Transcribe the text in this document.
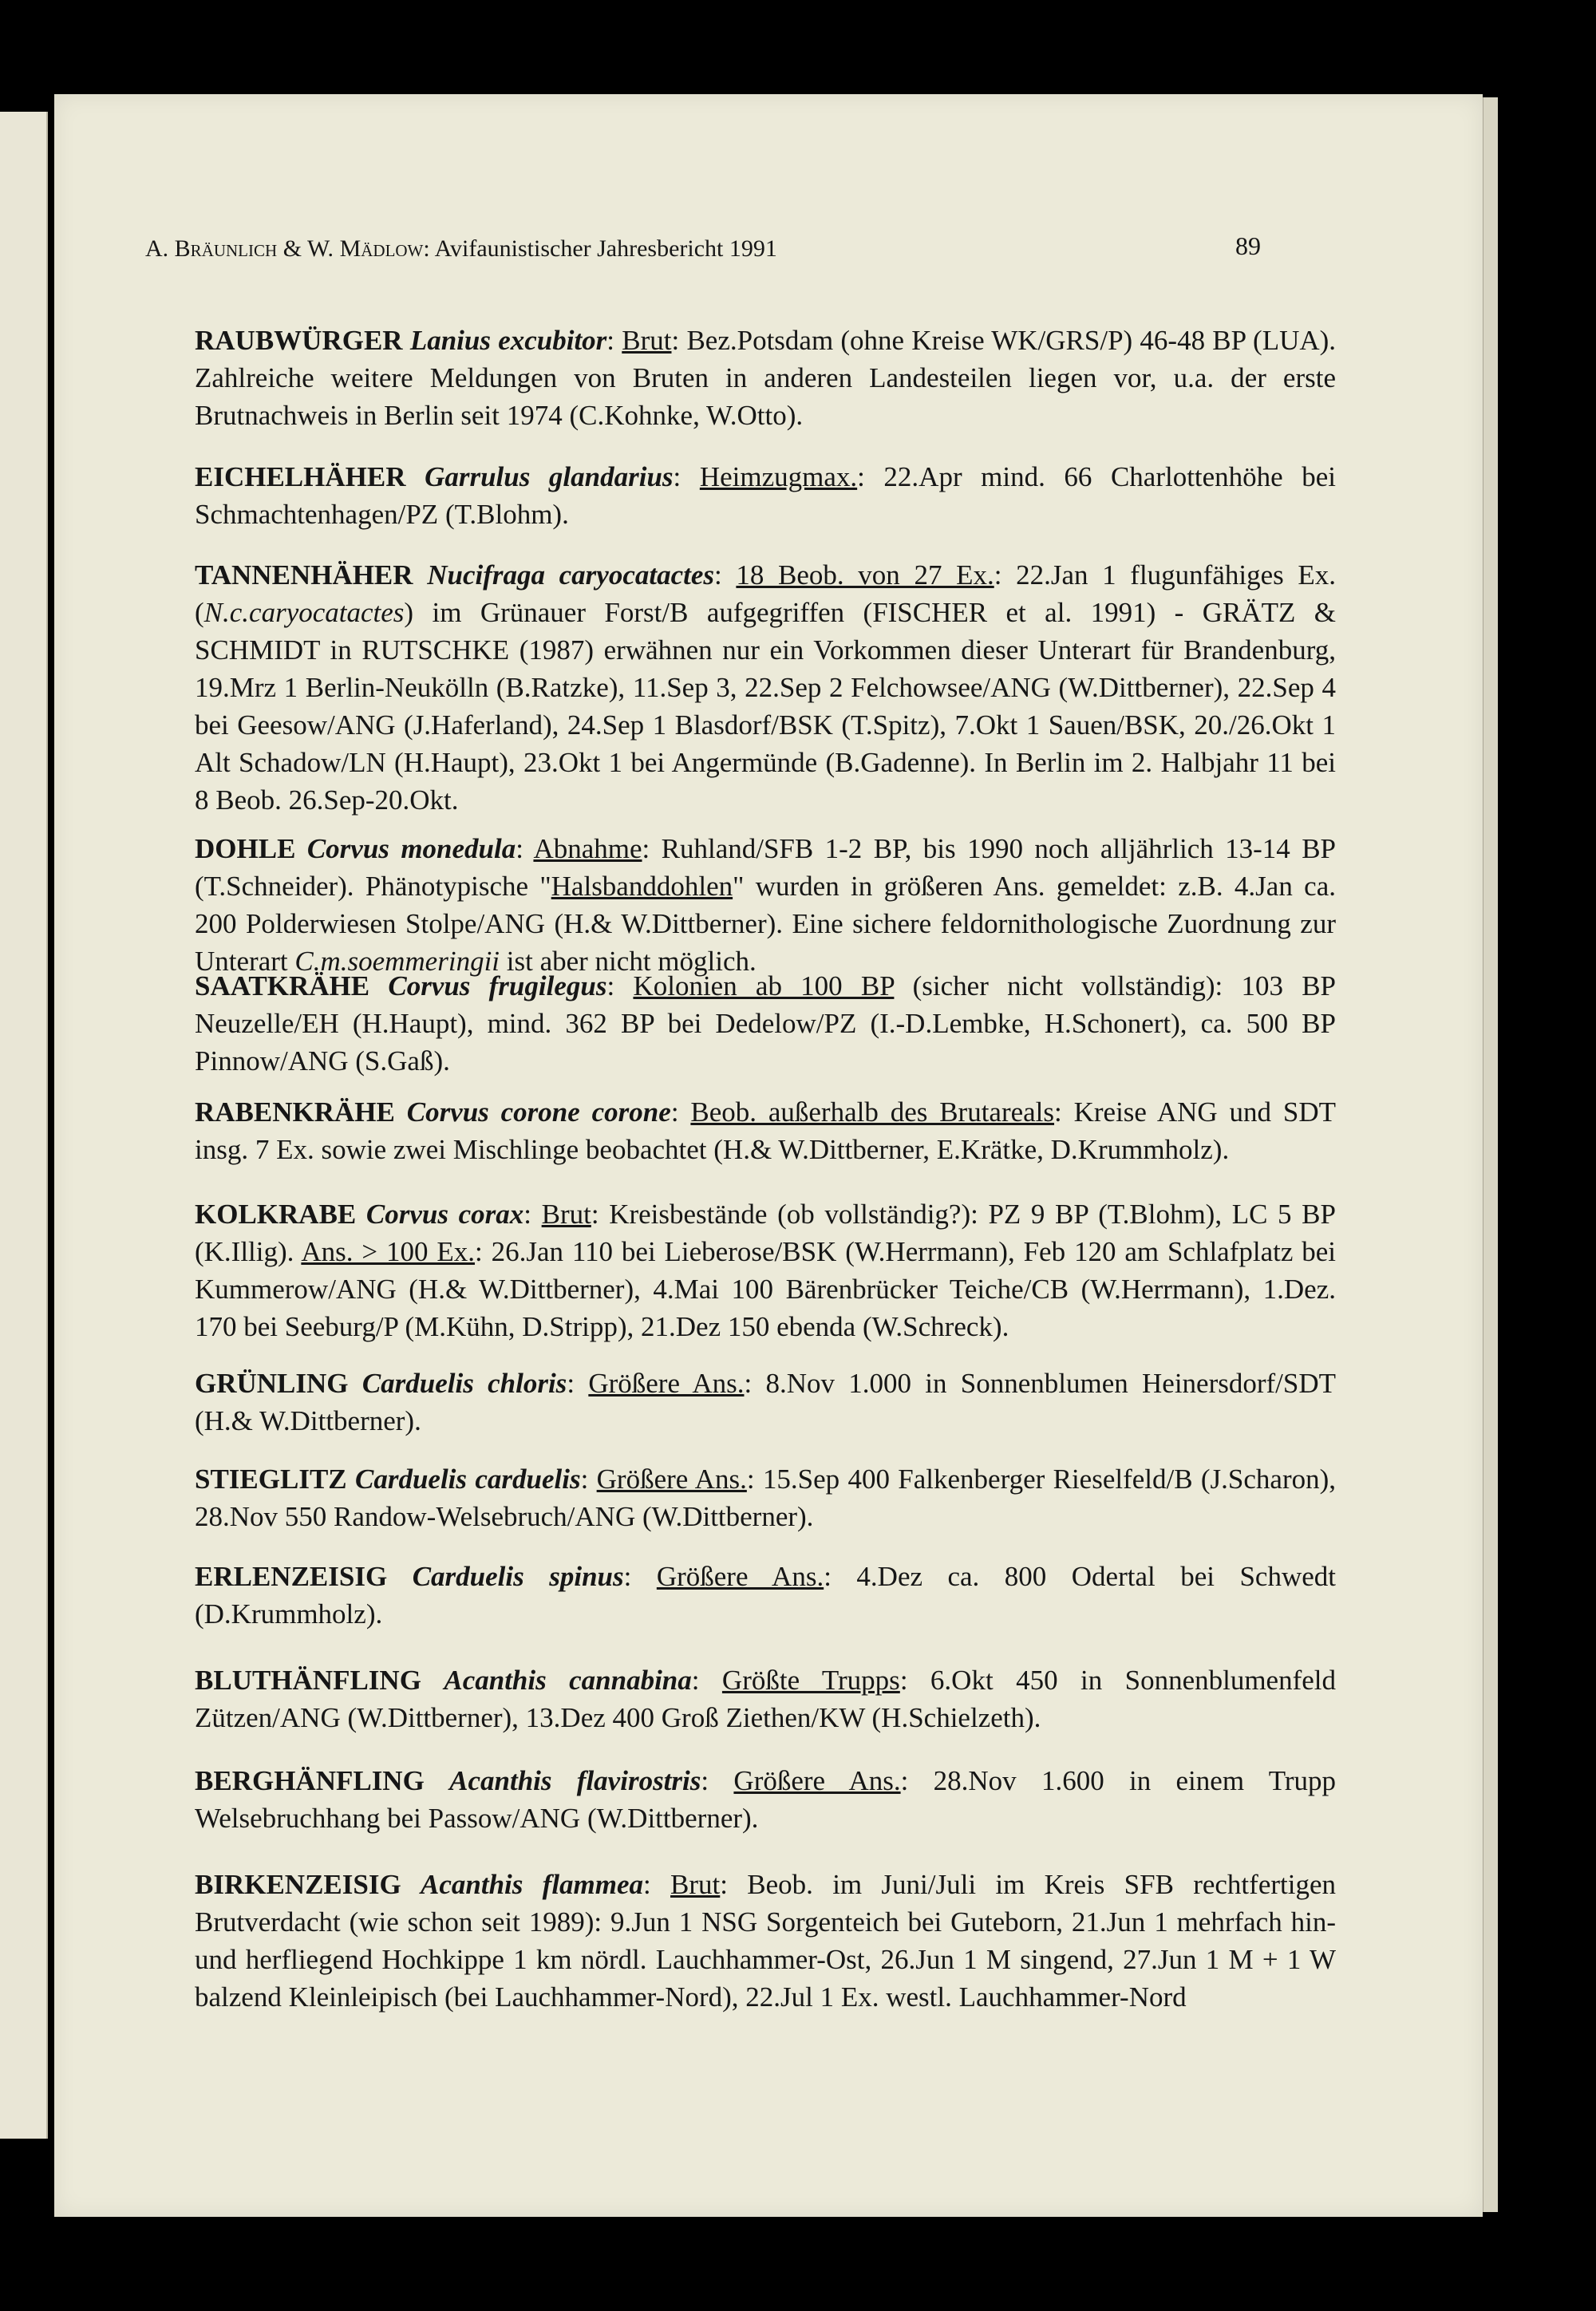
A. Bräunlich & W. Mädlow: Avifaunistischer Jahresbericht 1991	89
RAUBWÜRGER Lanius excubitor: Brut: Bez.Potsdam (ohne Kreise WK/GRS/P) 46-48 BP (LUA). Zahlreiche weitere Meldungen von Bruten in anderen Landesteilen liegen vor, u.a. der erste Brutnachweis in Berlin seit 1974 (C.Kohnke, W.Otto).
EICHELHÄHER Garrulus glandarius: Heimzugmax.: 22.Apr mind. 66 Charlottenhöhe bei Schmachtenhagen/PZ (T.Blohm).
TANNENHÄHER Nucifraga caryocatactes: 18 Beob. von 27 Ex.: 22.Jan 1 flugunfähiges Ex. (N.c.caryocatactes) im Grünauer Forst/B aufgegriffen (FISCHER et al. 1991) - GRÄTZ & SCHMIDT in RUTSCHKE (1987) erwähnen nur ein Vorkommen dieser Unterart für Brandenburg, 19.Mrz 1 Berlin-Neukölln (B.Ratzke), 11.Sep 3, 22.Sep 2 Felchowsee/ANG (W.Dittberner), 22.Sep 4 bei Geesow/ANG (J.Haferland), 24.Sep 1 Blasdorf/BSK (T.Spitz), 7.Okt 1 Sauen/BSK, 20./26.Okt 1 Alt Schadow/LN (H.Haupt), 23.Okt 1 bei Angermünde (B.Gadenne). In Berlin im 2. Halbjahr 11 bei 8 Beob. 26.Sep-20.Okt.
DOHLE Corvus monedula: Abnahme: Ruhland/SFB 1-2 BP, bis 1990 noch alljährlich 13-14 BP (T.Schneider). Phänotypische "Halsbanddohlen" wurden in größeren Ans. gemeldet: z.B. 4.Jan ca. 200 Polderwiesen Stolpe/ANG (H.& W.Dittberner). Eine sichere feldornithologische Zuordnung zur Unterart C.m.soemmeringii ist aber nicht möglich.
SAATKRÄHE Corvus frugilegus: Kolonien ab 100 BP (sicher nicht vollständig): 103 BP Neuzelle/EH (H.Haupt), mind. 362 BP bei Dedelow/PZ (I.-D.Lembke, H.Schonert), ca. 500 BP Pinnow/ANG (S.Gaß).
RABENKRÄHE Corvus corone corone: Beob. außerhalb des Brutareals: Kreise ANG und SDT insg. 7 Ex. sowie zwei Mischlinge beobachtet (H.& W.Dittberner, E.Krätke, D.Krummholz).
KOLKRABE Corvus corax: Brut: Kreisbestände (ob vollständig?): PZ 9 BP (T.Blohm), LC 5 BP (K.Illig). Ans. > 100 Ex.: 26.Jan 110 bei Lieberose/BSK (W.Herrmann), Feb 120 am Schlafplatz bei Kummerow/ANG (H.& W.Dittberner), 4.Mai 100 Bärenbrücker Teiche/CB (W.Herrmann), 1.Dez. 170 bei Seeburg/P (M.Kühn, D.Stripp), 21.Dez 150 ebenda (W.Schreck).
GRÜNLING Carduelis chloris: Größere Ans.: 8.Nov 1.000 in Sonnenblumen Heinersdorf/SDT (H.& W.Dittberner).
STIEGLITZ Carduelis carduelis: Größere Ans.: 15.Sep 400 Falkenberger Rieselfeld/B (J.Scharon), 28.Nov 550 Randow-Welsebruch/ANG (W.Dittberner).
ERLENZEISIG Carduelis spinus: Größere Ans.: 4.Dez ca. 800 Odertal bei Schwedt (D.Krummholz).
BLUTHÄNFLING Acanthis cannabina: Größte Trupps: 6.Okt 450 in Sonnenblumenfeld Zützen/ANG (W.Dittberner), 13.Dez 400 Groß Ziethen/KW (H.Schielzeth).
BERGHÄNFLING Acanthis flavirostris: Größere Ans.: 28.Nov 1.600 in einem Trupp Welsebruchhang bei Passow/ANG (W.Dittberner).
BIRKENZEISIG Acanthis flammea: Brut: Beob. im Juni/Juli im Kreis SFB rechtfertigen Brutverdacht (wie schon seit 1989): 9.Jun 1 NSG Sorgenteich bei Guteborn, 21.Jun 1 mehrfach hin- und herfliegend Hochkippe 1 km nördl. Lauchhammer-Ost, 26.Jun 1 M singend, 27.Jun 1 M + 1 W balzend Kleinleipisch (bei Lauchhammer-Nord), 22.Jul 1 Ex. westl. Lauchhammer-Nord
